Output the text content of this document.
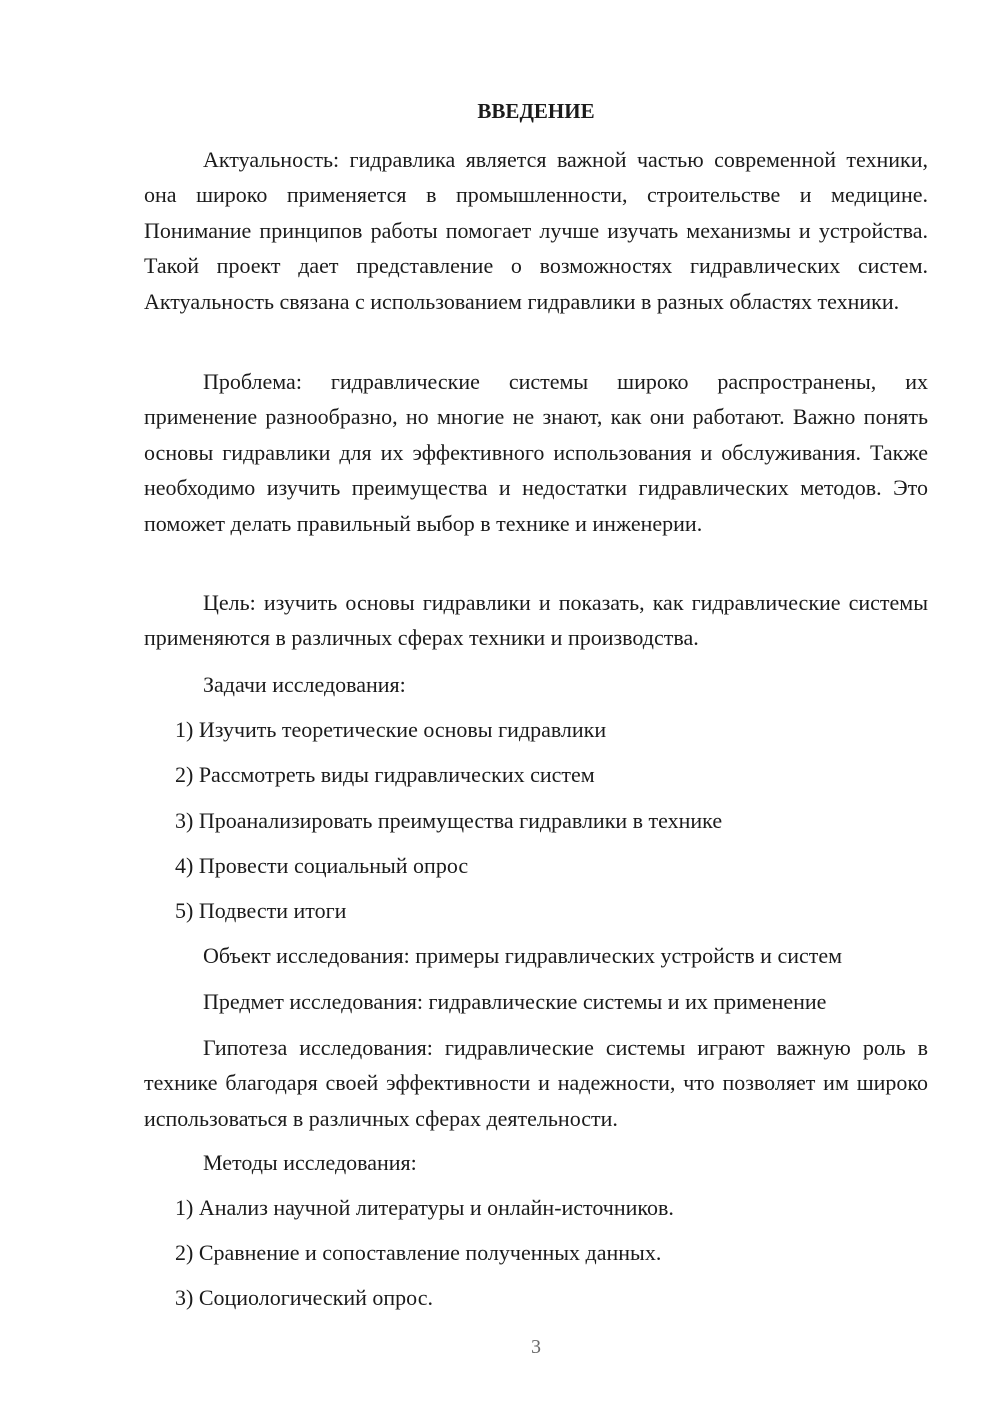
ВВЕДЕНИЕ

Актуальность: гидравлика является важной частью современной техники, она широко применяется в промышленности, строительстве и медицине. Понимание принципов работы помогает лучше изучать механизмы и устройства. Такой проект дает представление о возможностях гидравлических систем. Актуальность связана с использованием гидравлики в разных областях техники.

Проблема: гидравлические системы широко распространены, их применение разнообразно, но многие не знают, как они работают. Важно понять основы гидравлики для их эффективного использования и обслуживания. Также необходимо изучить преимущества и недостатки гидравлических методов. Это поможет делать правильный выбор в технике и инженерии.

Цель: изучить основы гидравлики и показать, как гидравлические системы применяются в различных сферах техники и производства.

Задачи исследования:

1) Изучить теоретические основы гидравлики

2) Рассмотреть виды гидравлических систем

3) Проанализировать преимущества гидравлики в технике

4) Провести социальный опрос

5) Подвести итоги

Объект исследования: примеры гидравлических устройств и систем

Предмет исследования: гидравлические системы и их применение

Гипотеза исследования: гидравлические системы играют важную роль в технике благодаря своей эффективности и надежности, что позволяет им широко использоваться в различных сферах деятельности.

Методы исследования:

1) Анализ научной литературы и онлайн-источников.

2) Сравнение и сопоставление полученных данных.

3) Социологический опрос.

3
